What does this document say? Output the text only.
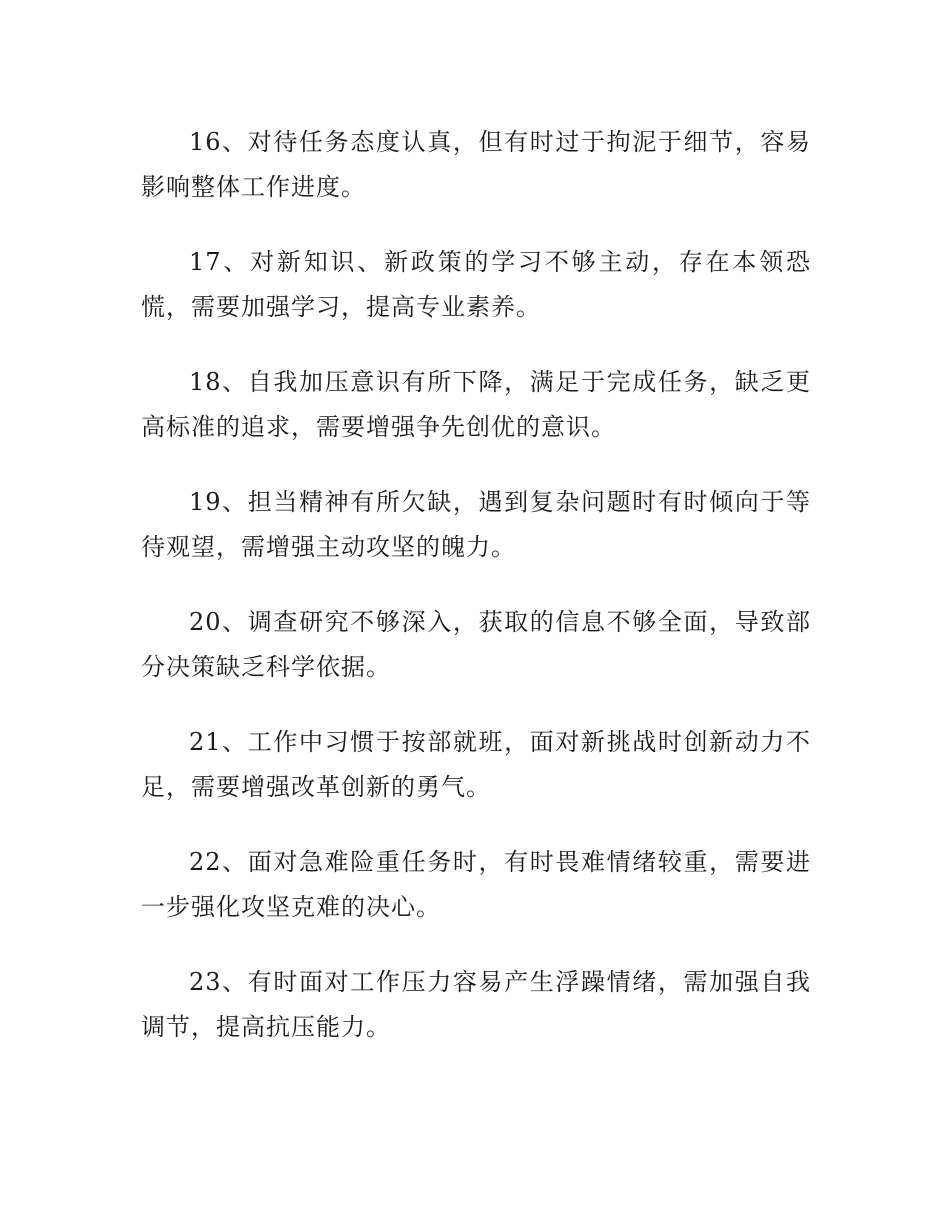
16、对待任务态度认真，但有时过于拘泥于细节，容易影响整体工作进度。

17、对新知识、新政策的学习不够主动，存在本领恐慌，需要加强学习，提高专业素养。

18、自我加压意识有所下降，满足于完成任务，缺乏更高标准的追求，需要增强争先创优的意识。

19、担当精神有所欠缺，遇到复杂问题时有时倾向于等待观望，需增强主动攻坚的魄力。

20、调查研究不够深入，获取的信息不够全面，导致部分决策缺乏科学依据。

21、工作中习惯于按部就班，面对新挑战时创新动力不足，需要增强改革创新的勇气。

22、面对急难险重任务时，有时畏难情绪较重，需要进一步强化攻坚克难的决心。

23、有时面对工作压力容易产生浮躁情绪，需加强自我调节，提高抗压能力。
